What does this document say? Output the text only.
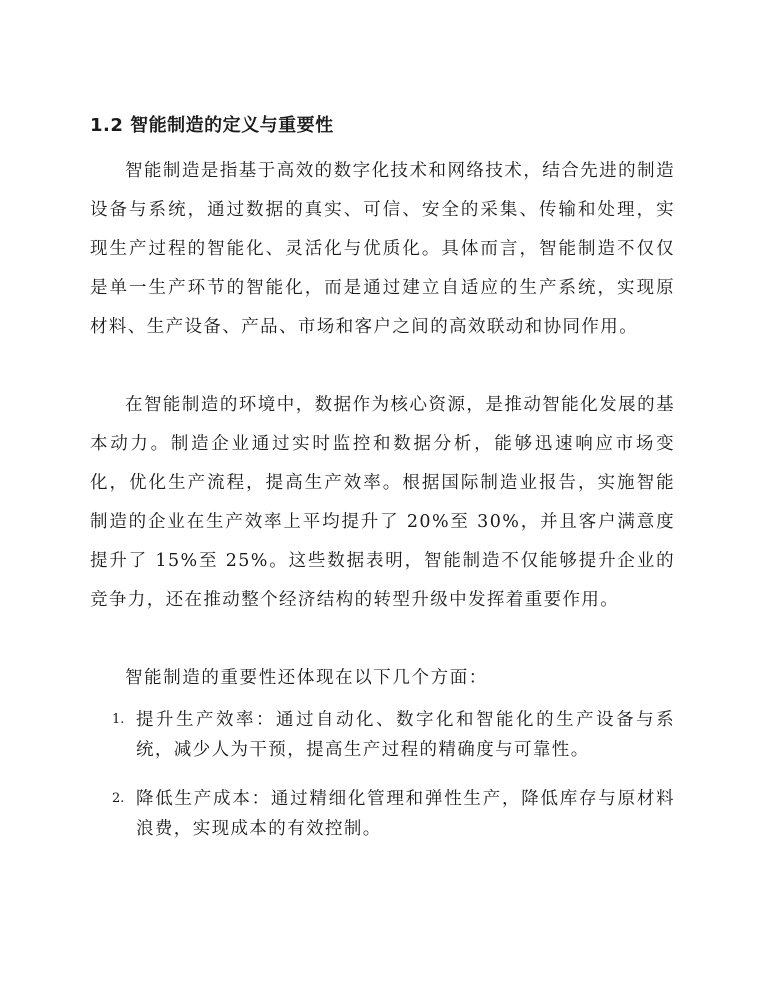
1.2 智能制造的定义与重要性

智能制造是指基于高效的数字化技术和网络技术，结合先进的制造设备与系统，通过数据的真实、可信、安全的采集、传输和处理，实现生产过程的智能化、灵活化与优质化。具体而言，智能制造不仅仅是单一生产环节的智能化，而是通过建立自适应的生产系统，实现原材料、生产设备、产品、市场和客户之间的高效联动和协同作用。

在智能制造的环境中，数据作为核心资源，是推动智能化发展的基本动力。制造企业通过实时监控和数据分析，能够迅速响应市场变化，优化生产流程，提高生产效率。根据国际制造业报告，实施智能制造的企业在生产效率上平均提升了 20%至 30%，并且客户满意度提升了 15%至 25%。这些数据表明，智能制造不仅能够提升企业的竞争力，还在推动整个经济结构的转型升级中发挥着重要作用。

智能制造的重要性还体现在以下几个方面：

1. 提升生产效率：通过自动化、数字化和智能化的生产设备与系统，减少人为干预，提高生产过程的精确度与可靠性。
2. 降低生产成本：通过精细化管理和弹性生产，降低库存与原材料浪费，实现成本的有效控制。
